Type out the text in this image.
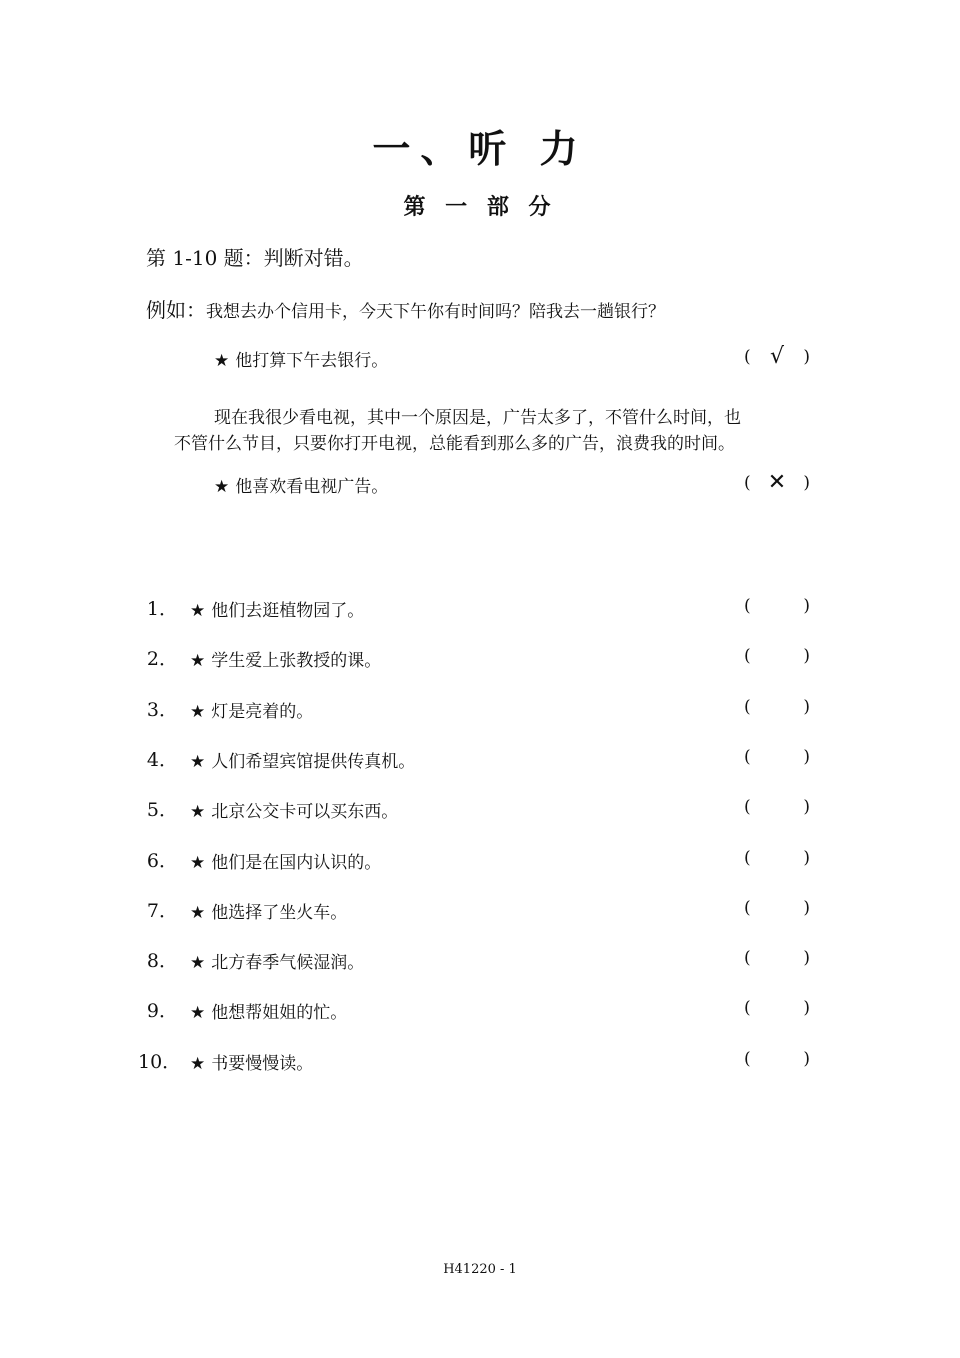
一、听 力
第 一 部 分
第 1-10 题：判断对错。
例如：我想去办个信用卡，今天下午你有时间吗？陪我去一趟银行？
★ 他打算下午去银行。	( √ )
现在我很少看电视，其中一个原因是，广告太多了，不管什么时间，也
不管什么节目，只要你打开电视，总能看到那么多的广告，浪费我的时间。
★ 他喜欢看电视广告。	( ✕ )
1． ★ 他们去逛植物园了。	(	)
2． ★ 学生爱上张教授的课。	(	)
3． ★ 灯是亮着的。	(	)
4． ★ 人们希望宾馆提供传真机。	(	)
5． ★ 北京公交卡可以买东西。	(	)
6． ★ 他们是在国内认识的。	(	)
7． ★ 他选择了坐火车。	(	)
8． ★ 北方春季气候湿润。	(	)
9． ★ 他想帮姐姐的忙。	(	)
10． ★ 书要慢慢读。	(	)
H41220 - 1
